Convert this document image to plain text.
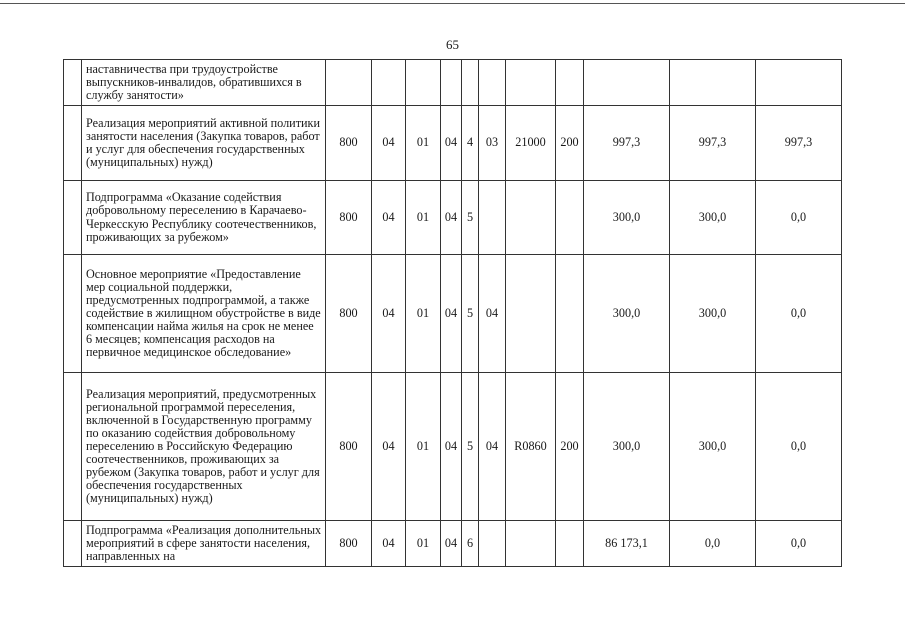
65
	наставничества при трудоустройстве выпускников-инвалидов, обратившихся в службу занятости»											
	Реализация мероприятий активной политики занятости населения (Закупка товаров, работ и услуг для обеспечения государственных (муниципальных) нужд)	800	04	01	04	4	03	21000	200	997,3	997,3	997,3
	Подпрограмма «Оказание содействия добровольному переселению в Карачаево-Черкесскую Республику соотечественников, проживающих за рубежом»	800	04	01	04	5				300,0	300,0	0,0
	Основное мероприятие «Предоставление мер социальной поддержки, предусмотренных подпрограммой, а также содействие в жилищном обустройстве в виде компенсации найма жилья на срок не менее 6 месяцев; компенсация расходов на первичное медицинское обследование»	800	04	01	04	5	04			300,0	300,0	0,0
	Реализация мероприятий, предусмотренных региональной программой переселения, включенной в Государственную программу по оказанию содействия добровольному переселению в Российскую Федерацию соотечественников, проживающих за рубежом (Закупка товаров, работ и услуг для обеспечения государственных (муниципальных) нужд)	800	04	01	04	5	04	R0860	200	300,0	300,0	0,0
	Подпрограмма «Реализация дополнительных мероприятий в сфере занятости населения, направленных на	800	04	01	04	6				86 173,1	0,0	0,0
